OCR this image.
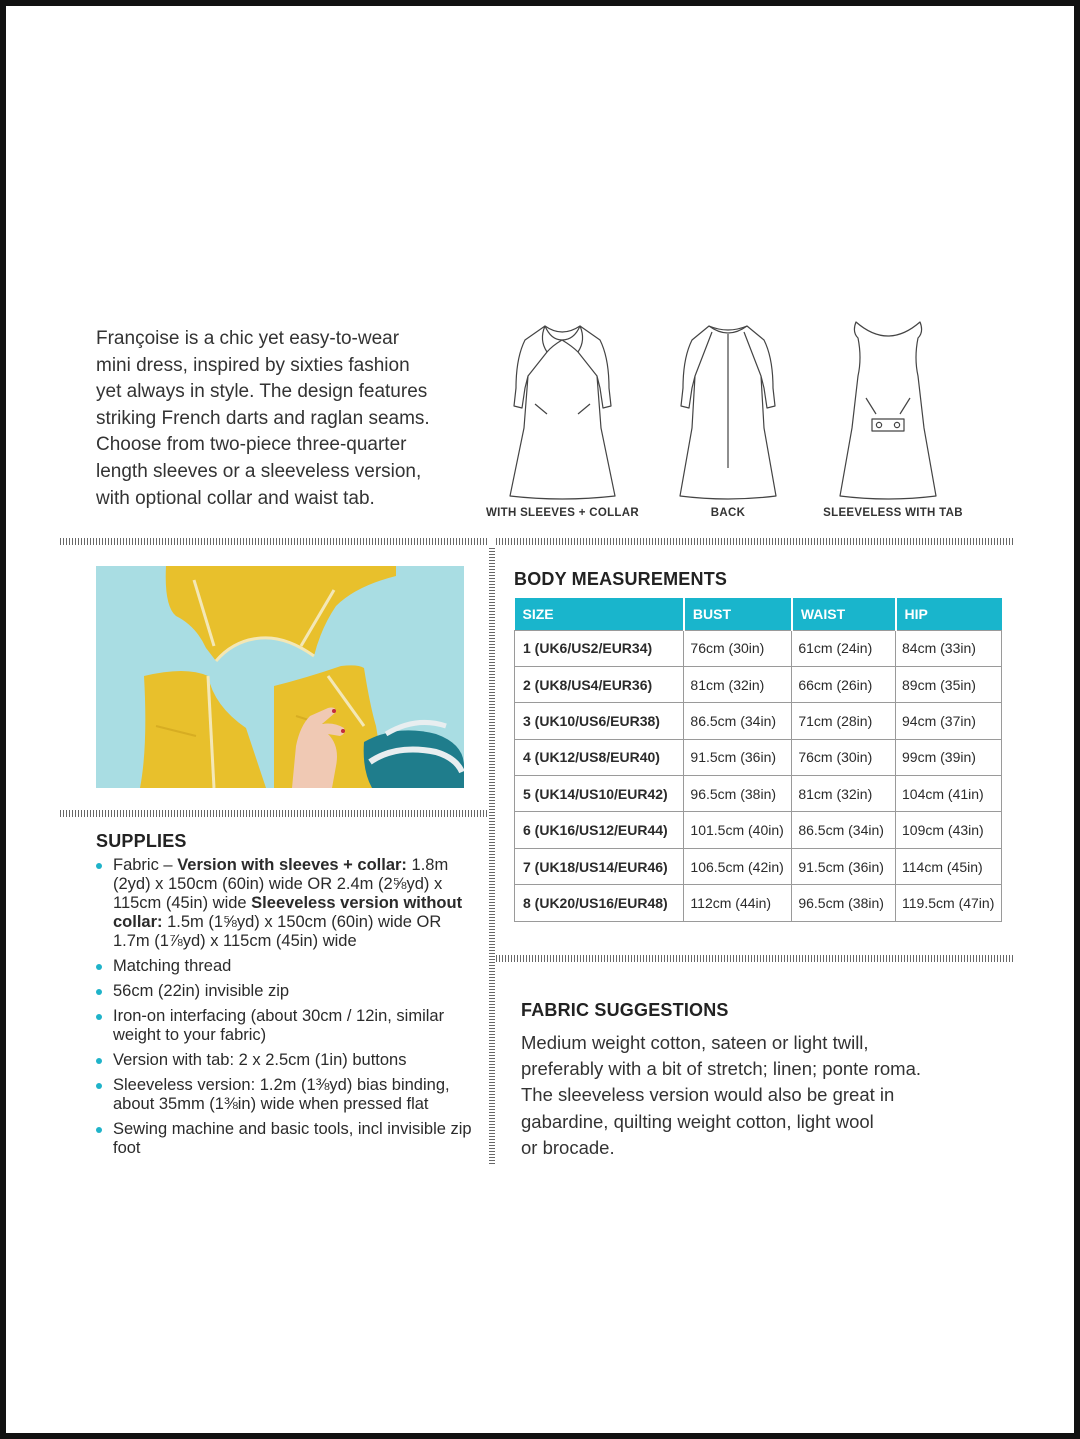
Françoise is a chic yet easy-to-wear
mini dress, inspired by sixties fashion
yet always in style. The design features
striking French darts and raglan seams.
Choose from two-piece three-quarter
length sleeves or a sleeveless version,
with optional collar and waist tab.
WITH SLEEVES + COLLAR	BACK	SLEEVELESS WITH TAB
SUPPLIES
Fabric – Version with sleeves + collar: 1.8m (2yd) x 150cm (60in) wide OR 2.4m (2⅝yd) x 115cm (45in) wide Sleeveless version without collar: 1.5m (1⅝yd) x 150cm (60in) wide OR 1.7m (1⅞yd) x 115cm (45in) wide
Matching thread
56cm (22in) invisible zip
Iron-on interfacing (about 30cm / 12in, similar weight to your fabric)
Version with tab: 2 x 2.5cm (1in) buttons
Sleeveless version: 1.2m (1⅜yd) bias binding, about 35mm (1⅜in) wide when pressed flat
Sewing machine and basic tools, incl invisible zip foot
BODY MEASUREMENTS
SIZE	BUST	WAIST	HIP
1 (UK6/US2/EUR34)	76cm (30in)	61cm (24in)	84cm (33in)
2 (UK8/US4/EUR36)	81cm (32in)	66cm (26in)	89cm (35in)
3 (UK10/US6/EUR38)	86.5cm (34in)	71cm (28in)	94cm (37in)
4 (UK12/US8/EUR40)	91.5cm (36in)	76cm (30in)	99cm (39in)
5 (UK14/US10/EUR42)	96.5cm (38in)	81cm (32in)	104cm (41in)
6 (UK16/US12/EUR44)	101.5cm (40in)	86.5cm (34in)	109cm (43in)
7 (UK18/US14/EUR46)	106.5cm (42in)	91.5cm (36in)	114cm (45in)
8 (UK20/US16/EUR48)	112cm (44in)	96.5cm (38in)	119.5cm (47in)
FABRIC SUGGESTIONS
Medium weight cotton, sateen or light twill,
preferably with a bit of stretch; linen; ponte roma.
The sleeveless version would also be great in
gabardine, quilting weight cotton, light wool
or brocade.
